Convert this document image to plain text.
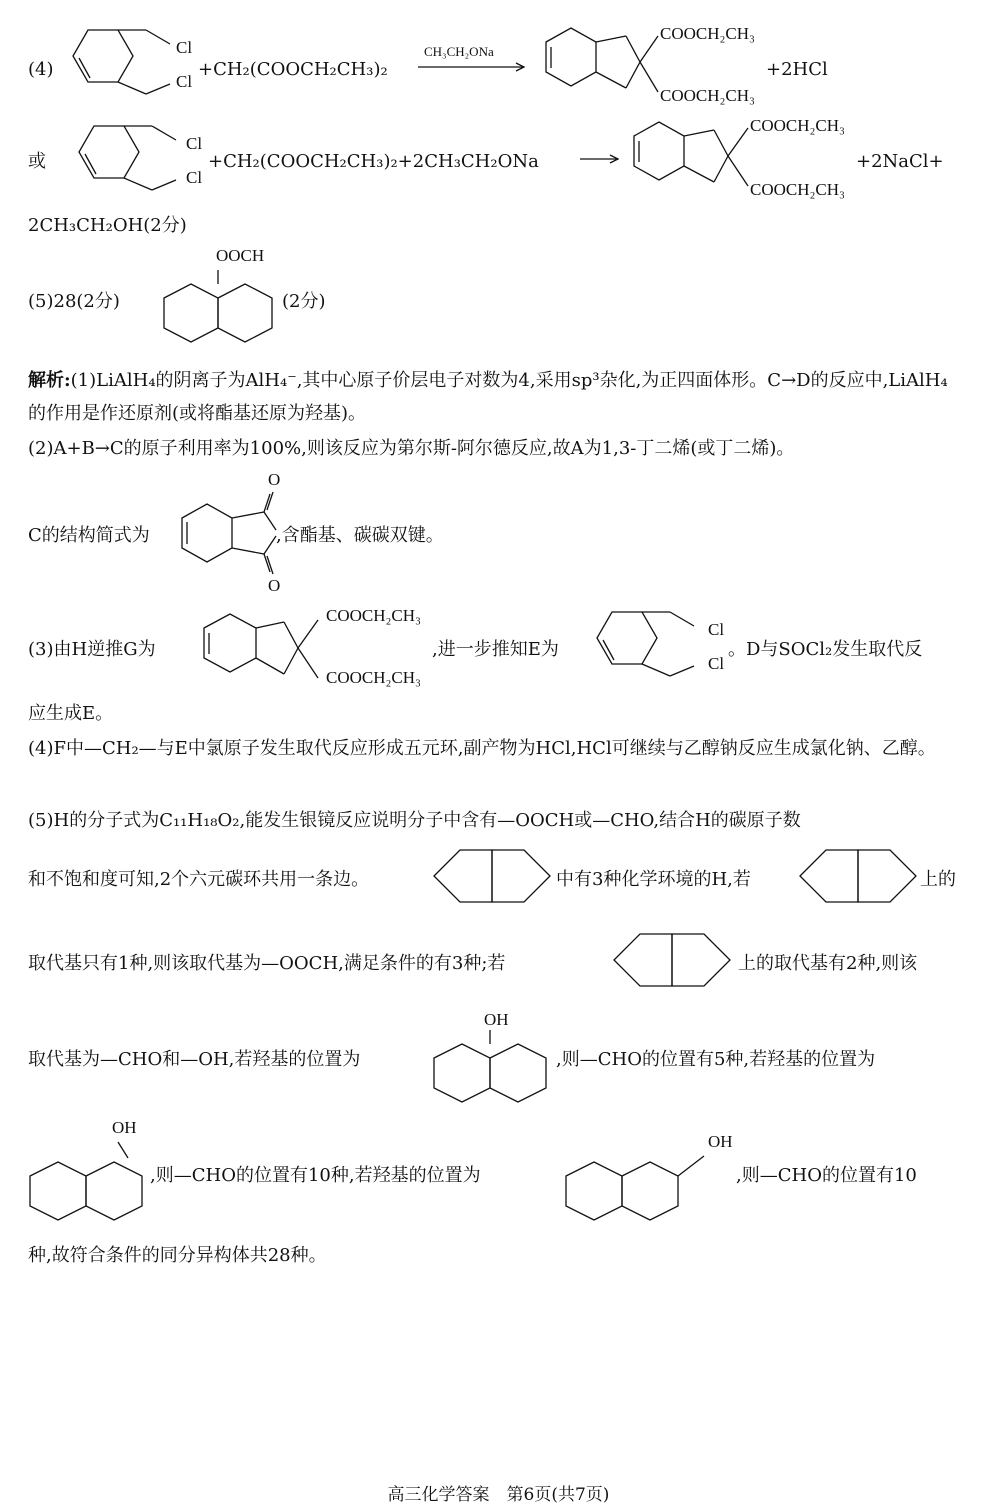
(4)
Cl
Cl
+CH₂(COOCH₂CH₃)₂
CH₃CH₂ONa
COOCH₂CH₃
COOCH₂CH₃
+2HCl
或
Cl
Cl
+CH₂(COOCH₂CH₃)₂+2CH₃CH₂ONa
COOCH₂CH₃
COOCH₂CH₃
+2NaCl+
2CH₃CH₂OH(2分)
(5)28(2分)
OOCH
(2分)
解析:(1)LiAlH₄的阴离子为AlH₄⁻,其中心原子价层电子对数为4,采用sp³杂化,为正四面体形。C→D的反应中,LiAlH₄的作用是作还原剂(或将酯基还原为羟基)。
(2)A+B→C的原子利用率为100%,则该反应为第尔斯-阿尔德反应,故A为1,3-丁二烯(或丁二烯)。
C的结构简式为
O
O
,含酯基、碳碳双键。
(3)由H逆推G为
COOCH₂CH₃
COOCH₂CH₃
,进一步推知E为
Cl
Cl
。D与SOCl₂发生取代反
应生成E。
(4)F中—CH₂—与E中氯原子发生取代反应形成五元环,副产物为HCl,HCl可继续与乙醇钠反应生成氯化钠、乙醇。
(5)H的分子式为C₁₁H₁₈O₂,能发生银镜反应说明分子中含有—OOCH或—CHO,结合H的碳原子数
和不饱和度可知,2个六元碳环共用一条边。	中有3种化学环境的H,若	上的
取代基只有1种,则该取代基为—OOCH,满足条件的有3种;若	上的取代基有2种,则该
取代基为—CHO和—OH,若羟基的位置为
OH
,则—CHO的位置有5种,若羟基的位置为
OH
,则—CHO的位置有10种,若羟基的位置为
OH
,则—CHO的位置有10
种,故符合条件的同分异构体共28种。
高三化学答案　第6页(共7页)
